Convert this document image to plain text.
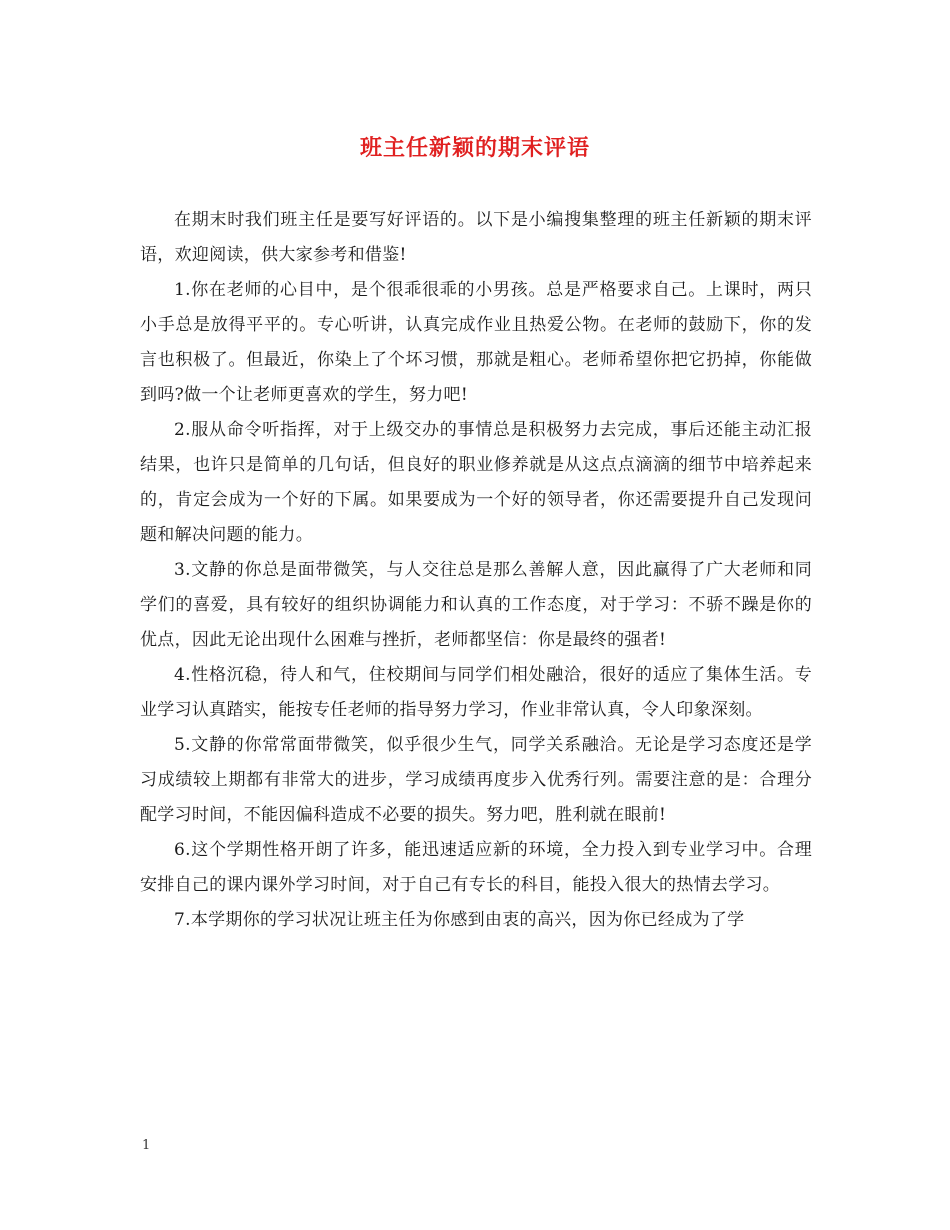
班主任新颖的期末评语

在期末时我们班主任是要写好评语的。以下是小编搜集整理的班主任新颖的期末评语，欢迎阅读，供大家参考和借鉴!

1.你在老师的心目中，是个很乖很乖的小男孩。总是严格要求自己。上课时，两只小手总是放得平平的。专心听讲，认真完成作业且热爱公物。在老师的鼓励下，你的发言也积极了。但最近，你染上了个坏习惯，那就是粗心。老师希望你把它扔掉，你能做到吗?做一个让老师更喜欢的学生，努力吧!

2.服从命令听指挥，对于上级交办的事情总是积极努力去完成，事后还能主动汇报结果，也许只是简单的几句话，但良好的职业修养就是从这点点滴滴的细节中培养起来的，肯定会成为一个好的下属。如果要成为一个好的领导者，你还需要提升自己发现问题和解决问题的能力。

3.文静的你总是面带微笑，与人交往总是那么善解人意，因此赢得了广大老师和同学们的喜爱，具有较好的组织协调能力和认真的工作态度，对于学习：不骄不躁是你的优点，因此无论出现什么困难与挫折，老师都坚信：你是最终的强者!

4.性格沉稳，待人和气，住校期间与同学们相处融洽，很好的适应了集体生活。专业学习认真踏实，能按专任老师的指导努力学习，作业非常认真，令人印象深刻。

5.文静的你常常面带微笑，似乎很少生气，同学关系融洽。无论是学习态度还是学习成绩较上期都有非常大的进步，学习成绩再度步入优秀行列。需要注意的是：合理分配学习时间，不能因偏科造成不必要的损失。努力吧，胜利就在眼前!

6.这个学期性格开朗了许多，能迅速适应新的环境，全力投入到专业学习中。合理安排自己的课内课外学习时间，对于自己有专长的科目，能投入很大的热情去学习。

7.本学期你的学习状况让班主任为你感到由衷的高兴，因为你已经成为了学

1
